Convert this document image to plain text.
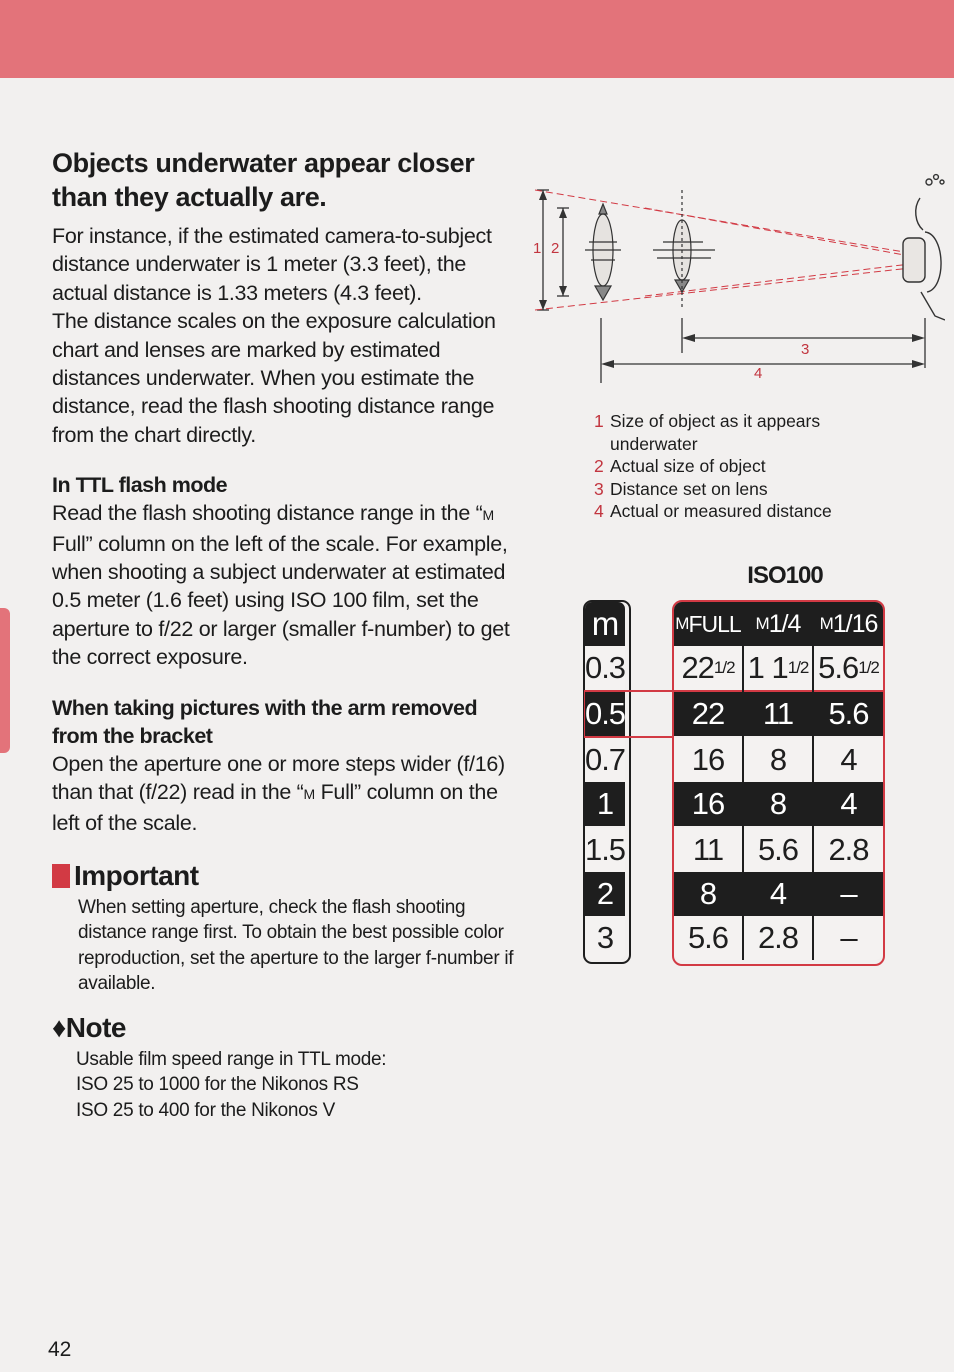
Objects underwater appear closer than they actually are.

For instance, if the estimated camera-to-subject distance underwater is 1 meter (3.3 feet), the actual distance is 1.33 meters (4.3 feet).

The distance scales on the exposure calculation chart and lenses are marked by estimated distances underwater. When you estimate the distance, read the flash shooting distance range from the chart directly.

In TTL flash mode

Read the flash shooting distance range in the “M Full” column on the left of the scale. For example, when shooting a subject underwater at estimated 0.5 meter (1.6 feet) using ISO 100 film, set the aperture to f/22 or larger (smaller f-number) to get the correct exposure.

When taking pictures with the arm removed from the bracket

Open the aperture one or more steps wider (f/16) than that (f/22) read in the “M Full” column on the left of the scale.

Important

When setting aperture, check the flash shooting distance range first. To obtain the best possible color reproduction, set the aperture to the larger f-number if available.

♦Note

Usable film speed range in TTL mode:
ISO 25 to 1000 for the Nikonos RS
ISO 25 to 400 for the Nikonos V

42
1 2
3
4
1 Size of object as it appears
underwater
2 Actual size of object
3 Distance set on lens
4 Actual or measured distance
ISO100
m
0.3
0.5
0.7
1
1.5
2
3
M FULL M 1/4 M 1/16
22 1/2 1 1 1/2 5.6 1/2
22 11 5.6
16 8 4
16 8 4
11 5.6 2.8
8 4 –
5.6 2.8 –
